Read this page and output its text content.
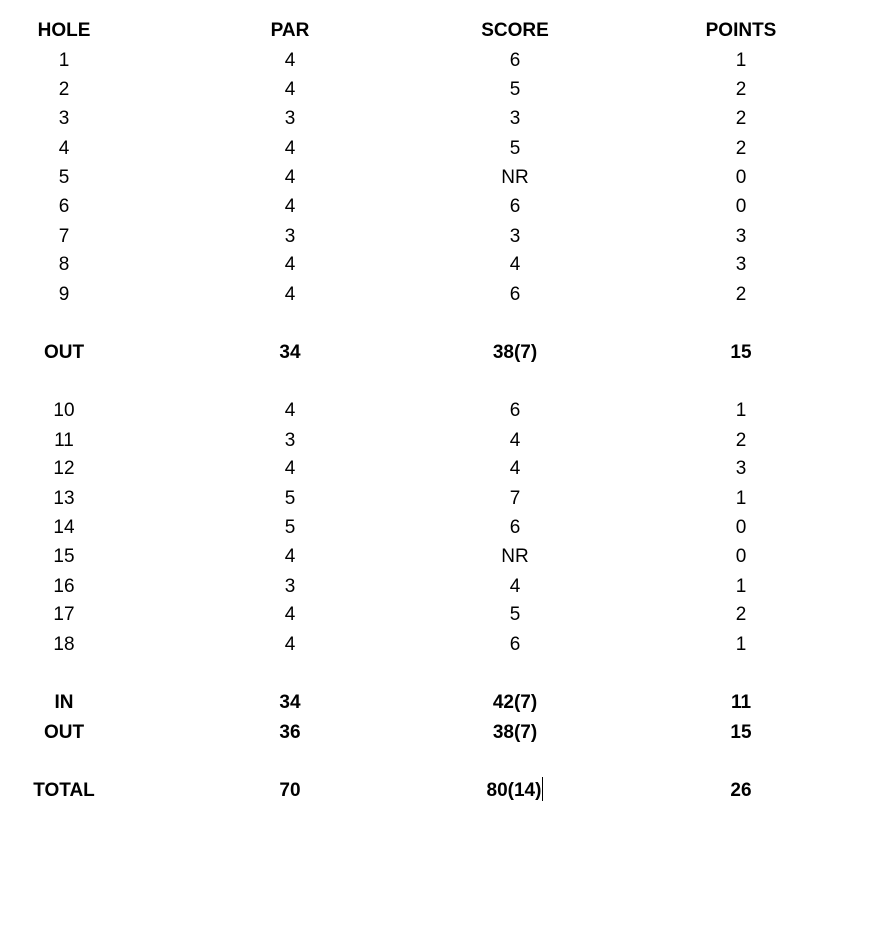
HOLE	PAR	SCORE	POINTS
1	4	6	1
2	4	5	2
3	3	3	2
4	4	5	2
5	4	NR	0
6	4	6	0
7	3	3	3
8	4	4	3
9	4	6	2
OUT	34	38(7)	15
10	4	6	1
11	3	4	2
12	4	4	3
13	5	7	1
14	5	6	0
15	4	NR	0
16	3	4	1
17	4	5	2
18	4	6	1
IN	34	42(7)	11
OUT	36	38(7)	15
TOTAL	70	80(14)	26
